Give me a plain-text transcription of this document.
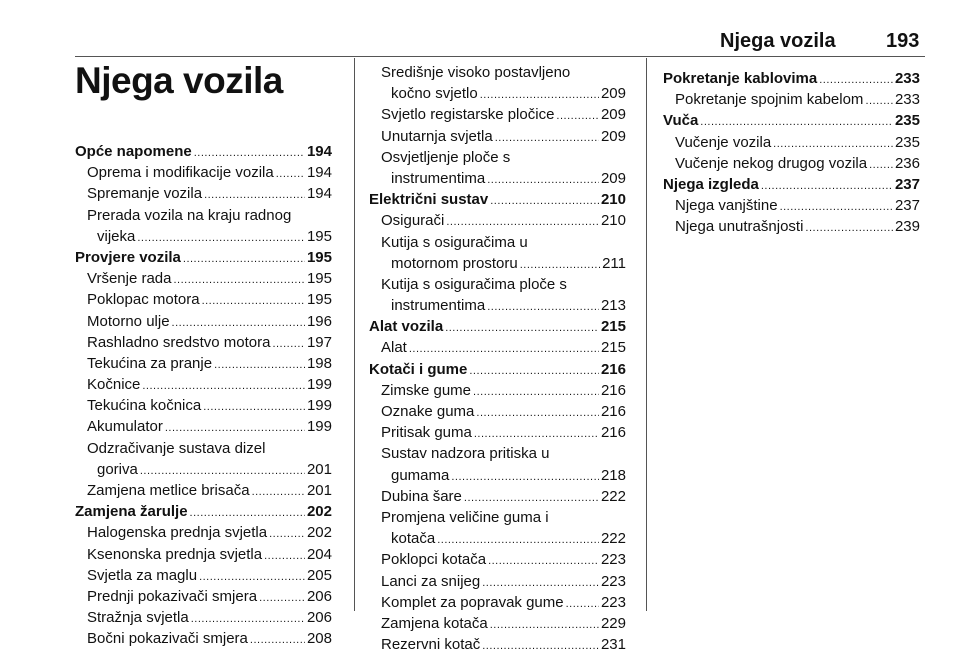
Njega vozila	193
Njega vozila
Opće napomene .....	194
Oprema i modifikacije vozila ..... 194
Spremanje vozila .....	194
Prerada vozila na kraju radnog
vijeka .....	195
Provjere vozila .....	195
Vršenje rada .....	195
Poklopac motora .....	195
Motorno ulje .....	196
Rashladno sredstvo motora ..... 197
Tekućina za pranje .....	198
Kočnice .....	199
Tekućina kočnica .....	199
Akumulator .....	199
Odzračivanje sustava dizel
goriva .....	201
Zamjena metlice brisača .....	201
Zamjena žarulje .....	202
Halogenska prednja svjetla .....	202
Ksenonska prednja svjetla .....	204
Svjetla za maglu .....	205
Prednji pokazivači smjera .....	206
Stražnja svjetla .....	206
Bočni pokazivači smjera .....	208
Središnje visoko postavljeno
kočno svjetlo .....	209
Svjetlo registarske pločice .....	209
Unutarnja svjetla .....	209
Osvjetljenje ploče s
instrumentima .....	209
Električni sustav .....	210
Osigurači .....	210
Kutija s osiguračima u
motornom prostoru .....	211
Kutija s osiguračima ploče s
instrumentima .....	213
Alat vozila .....	215
Alat .....	215
Kotači i gume .....	216
Zimske gume .....	216
Oznake guma .....	216
Pritisak guma .....	216
Sustav nadzora pritiska u
gumama .....	218
Dubina šare .....	222
Promjena veličine guma i
kotača .....	222
Poklopci kotača .....	223
Lanci za snijeg .....	223
Komplet za popravak gume ..... 223
Zamjena kotača .....	229
Rezervni kotač .....	231
Pokretanje kablovima .....	233
Pokretanje spojnim kabelom ..... 233
Vuča .....	235
Vučenje vozila .....	235
Vučenje nekog drugog vozila ..... 236
Njega izgleda .....	237
Njega vanjštine .....	237
Njega unutrašnjosti .....	239
